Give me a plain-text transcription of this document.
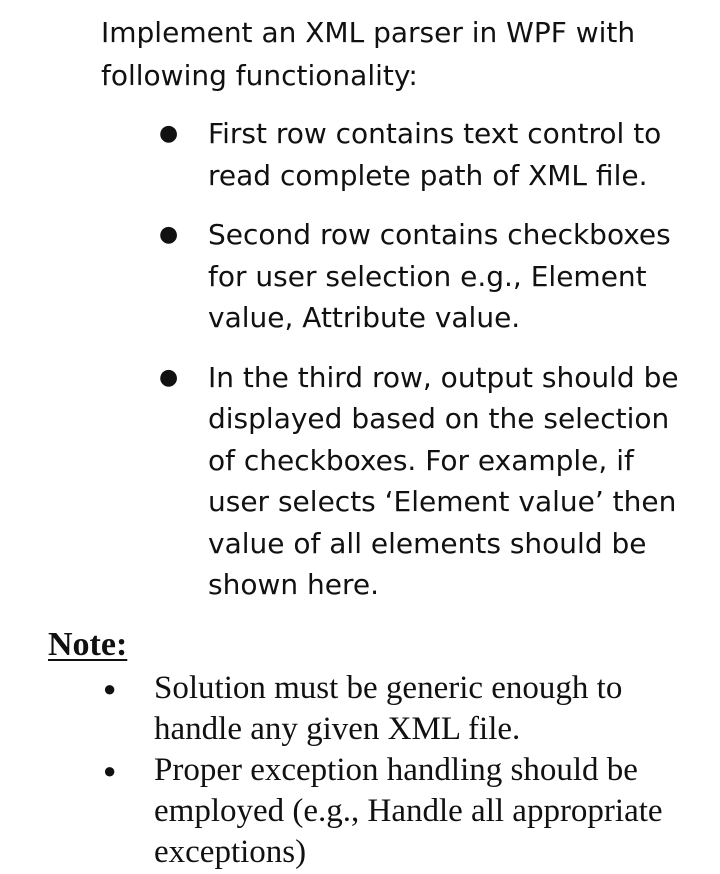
Implement an XML parser in WPF with following functionality:

● First row contains text control to read complete path of XML file.
● Second row contains checkboxes for user selection e.g., Element value, Attribute value.
● In the third row, output should be displayed based on the selection of checkboxes. For example, if user selects ‘Element value’ then value of all elements should be shown here.
Note:
● Solution must be generic enough to handle any given XML file.
● Proper exception handling should be employed (e.g., Handle all appropriate exceptions)
